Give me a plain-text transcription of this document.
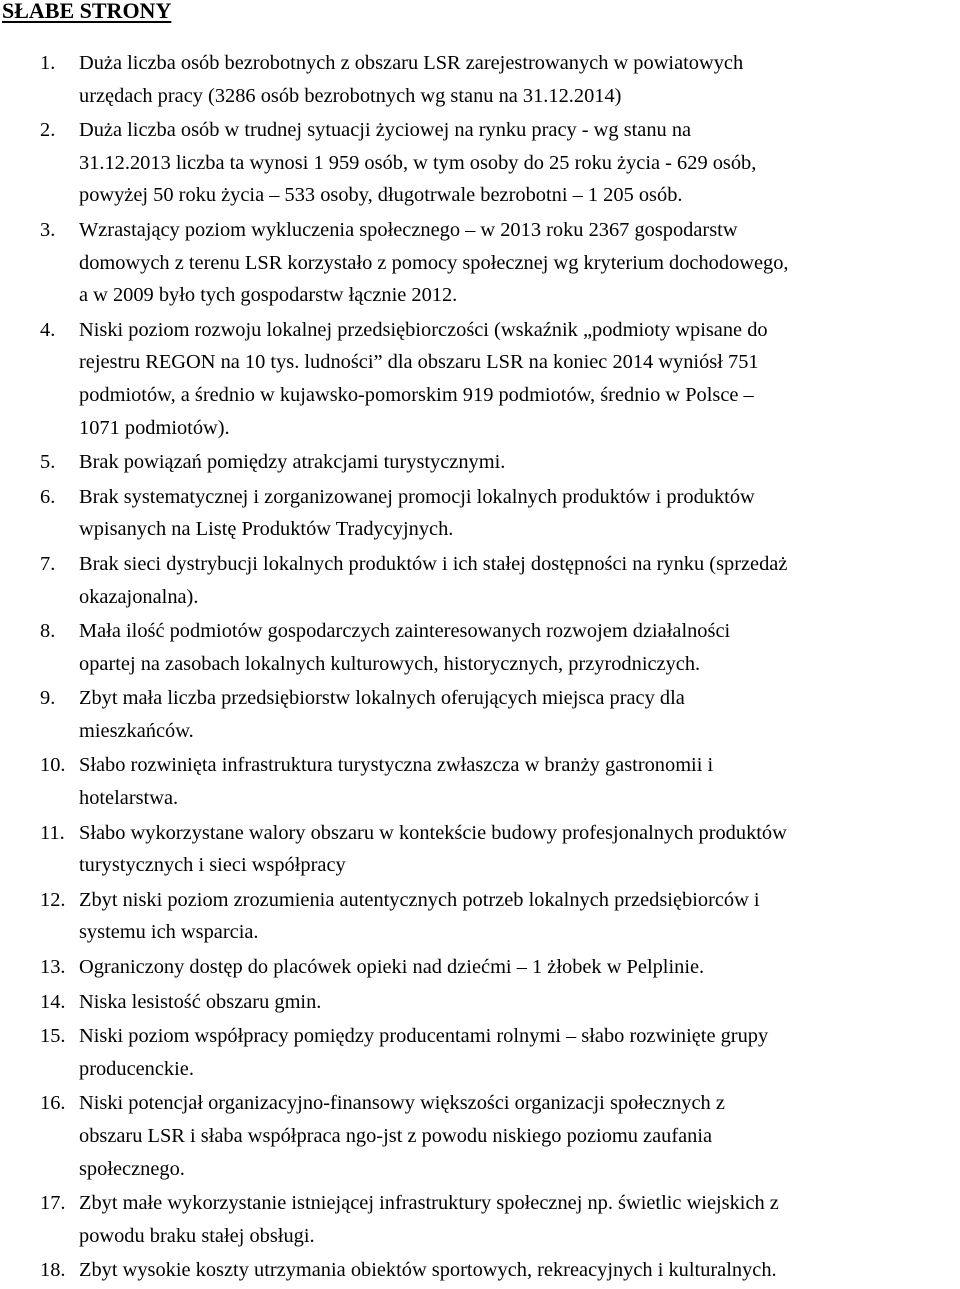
SŁABE STRONY
1. Duża liczba osób bezrobotnych z obszaru LSR zarejestrowanych w powiatowych
urzędach pracy (3286 osób bezrobotnych wg stanu na 31.12.2014)
2. Duża liczba osób w trudnej sytuacji życiowej na rynku pracy - wg stanu na
31.12.2013 liczba ta wynosi 1 959 osób, w tym osoby do 25 roku życia - 629 osób,
powyżej 50 roku życia – 533 osoby, długotrwale bezrobotni – 1 205 osób.
3. Wzrastający poziom wykluczenia społecznego – w 2013 roku 2367 gospodarstw
domowych z terenu LSR korzystało z pomocy społecznej wg kryterium dochodowego,
a w 2009 było tych gospodarstw łącznie 2012.
4. Niski poziom rozwoju lokalnej przedsiębiorczości (wskaźnik „podmioty wpisane do
rejestru REGON na 10 tys. ludności” dla obszaru LSR na koniec 2014 wyniósł 751
podmiotów, a średnio w kujawsko-pomorskim 919 podmiotów, średnio w Polsce –
1071 podmiotów).
5. Brak powiązań pomiędzy atrakcjami turystycznymi.
6. Brak systematycznej i zorganizowanej promocji lokalnych produktów i produktów
wpisanych na Listę Produktów Tradycyjnych.
7. Brak sieci dystrybucji lokalnych produktów i ich stałej dostępności na rynku (sprzedaż
okazajonalna).
8. Mała ilość podmiotów gospodarczych zainteresowanych rozwojem działalności
opartej na zasobach lokalnych kulturowych, historycznych, przyrodniczych.
9. Zbyt mała liczba przedsiębiorstw lokalnych oferujących miejsca pracy dla
mieszkańców.
10. Słabo rozwinięta infrastruktura turystyczna zwłaszcza w branży gastronomii i
hotelarstwa.
11. Słabo wykorzystane walory obszaru w kontekście budowy profesjonalnych produktów
turystycznych i sieci współpracy
12. Zbyt niski poziom zrozumienia autentycznych potrzeb lokalnych przedsiębiorców i
systemu ich wsparcia.
13. Ograniczony dostęp do placówek opieki nad dziećmi – 1 żłobek w Pelplinie.
14. Niska lesistość obszaru gmin.
15. Niski poziom współpracy pomiędzy producentami rolnymi – słabo rozwinięte grupy
producenckie.
16. Niski potencjał organizacyjno-finansowy większości organizacji społecznych z
obszaru LSR i słaba współpraca ngo-jst z powodu niskiego poziomu zaufania
społecznego.
17. Zbyt małe wykorzystanie istniejącej infrastruktury społecznej np. świetlic wiejskich z
powodu braku stałej obsługi.
18. Zbyt wysokie koszty utrzymania obiektów sportowych, rekreacyjnych i kulturalnych.
